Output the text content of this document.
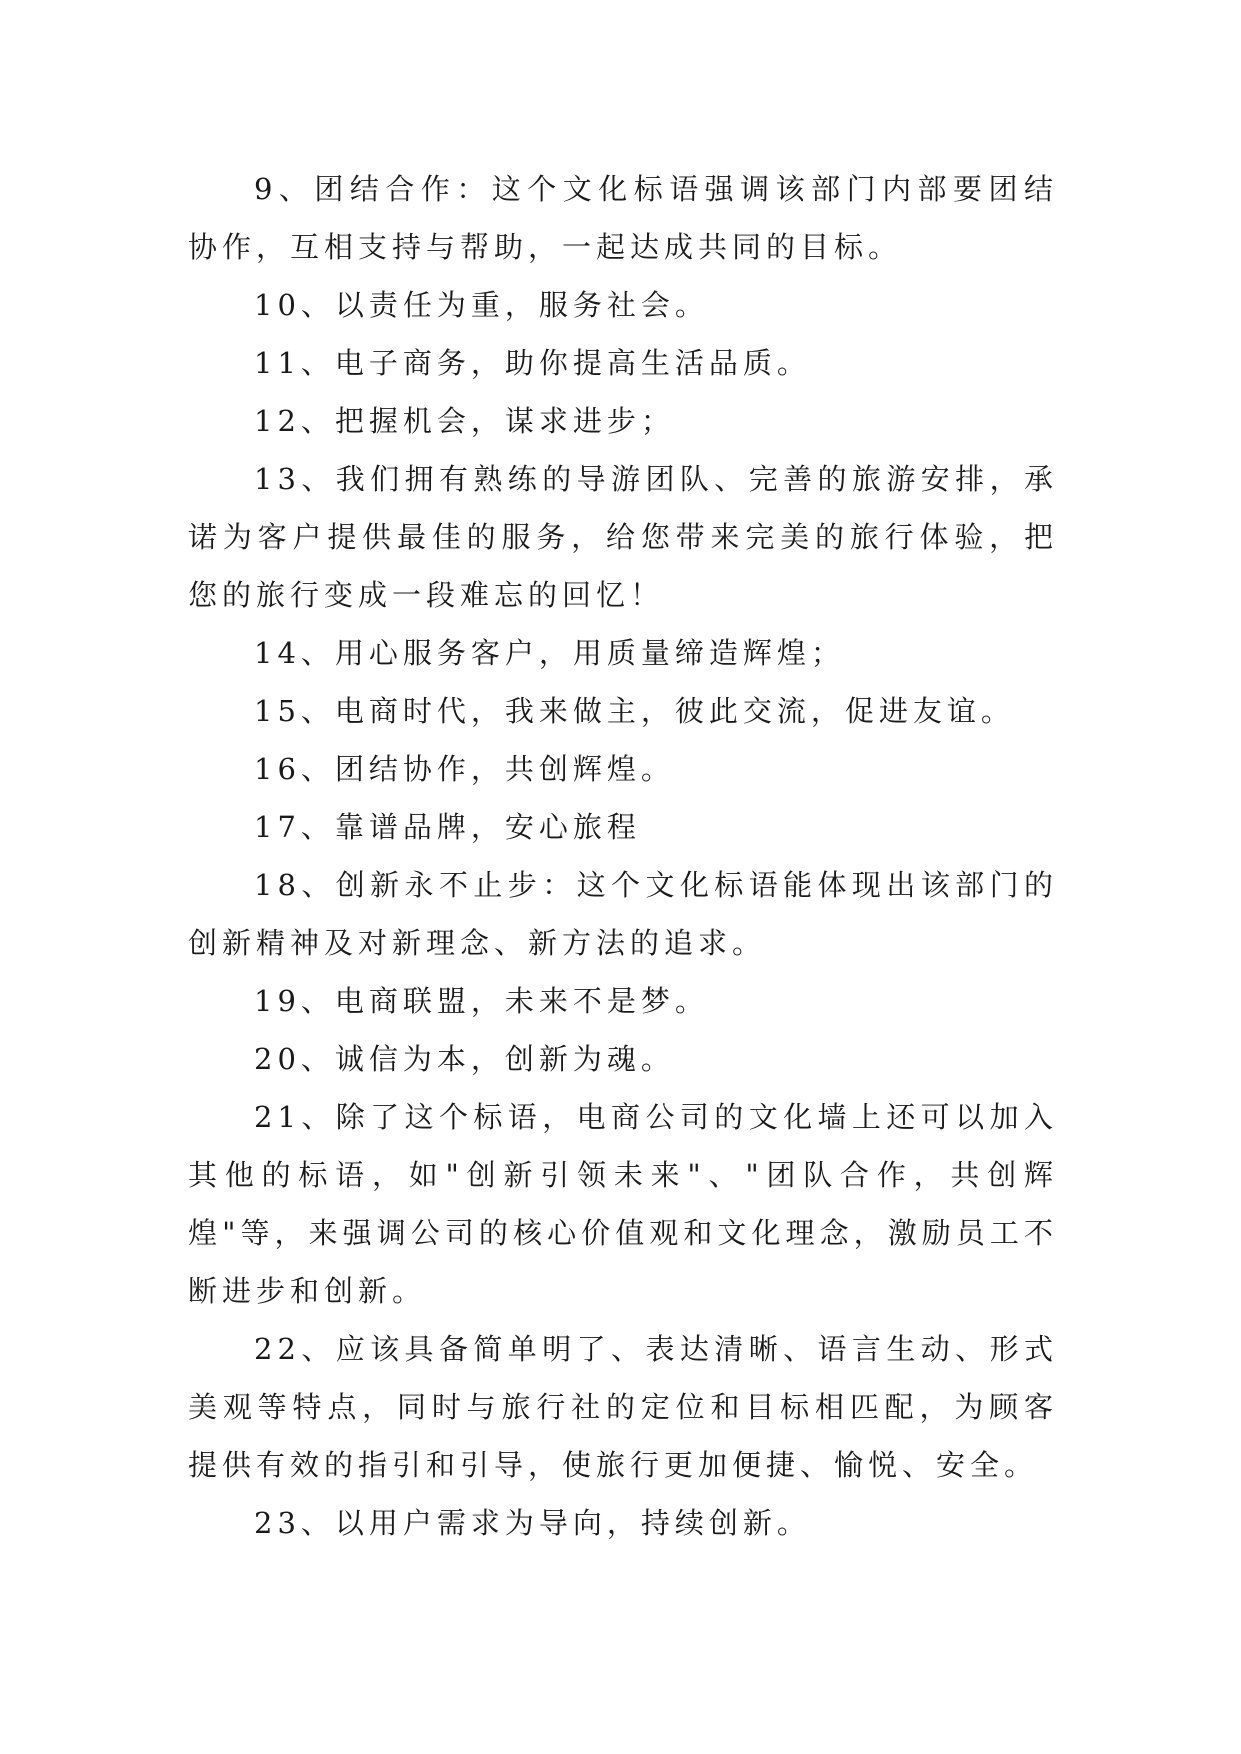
9、团结合作：这个文化标语强调该部门内部要团结协作，互相支持与帮助，一起达成共同的目标。

10、以责任为重，服务社会。

11、电子商务，助你提高生活品质。

12、把握机会，谋求进步；

13、我们拥有熟练的导游团队、完善的旅游安排，承诺为客户提供最佳的服务，给您带来完美的旅行体验，把您的旅行变成一段难忘的回忆！

14、用心服务客户，用质量缔造辉煌；

15、电商时代，我来做主，彼此交流，促进友谊。

16、团结协作，共创辉煌。

17、靠谱品牌，安心旅程

18、创新永不止步：这个文化标语能体现出该部门的创新精神及对新理念、新方法的追求。

19、电商联盟，未来不是梦。

20、诚信为本，创新为魂。

21、除了这个标语，电商公司的文化墙上还可以加入其他的标语，如"创新引领未来"、"团队合作，共创辉煌"等，来强调公司的核心价值观和文化理念，激励员工不断进步和创新。

22、应该具备简单明了、表达清晰、语言生动、形式美观等特点，同时与旅行社的定位和目标相匹配，为顾客提供有效的指引和引导，使旅行更加便捷、愉悦、安全。

23、以用户需求为导向，持续创新。
